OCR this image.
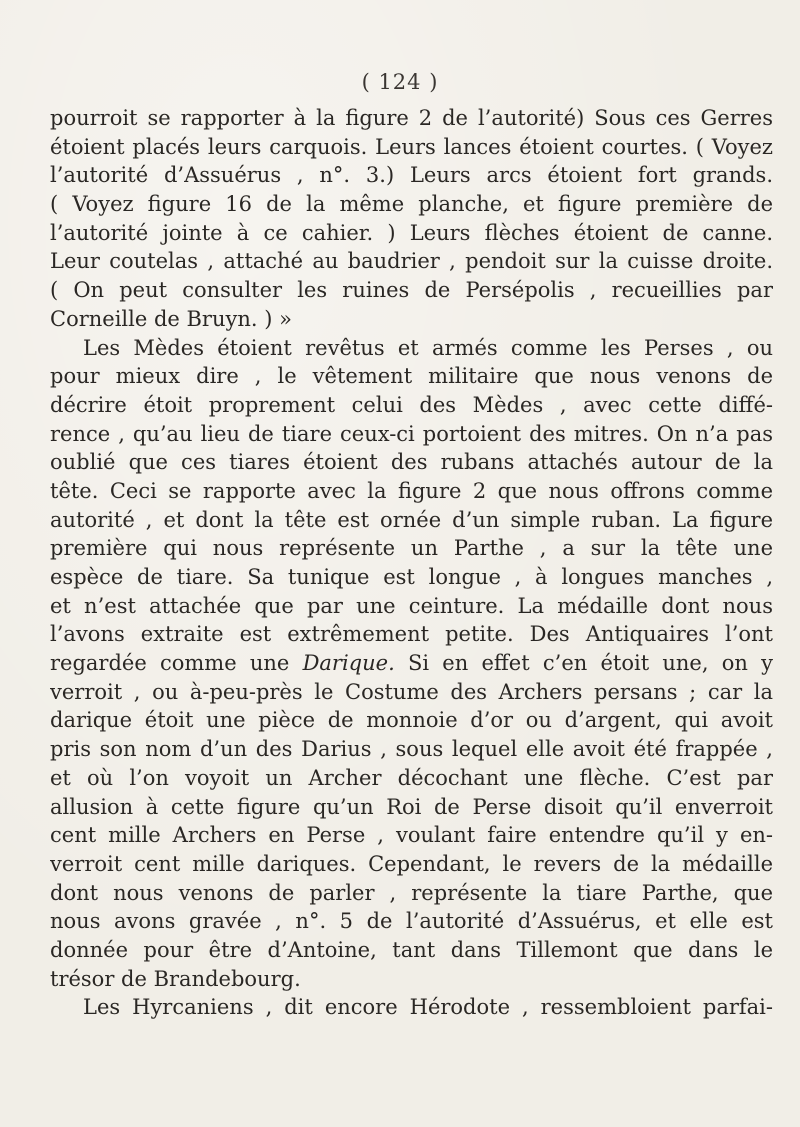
( 124 )
pourroit se rapporter à la figure 2 de l’autorité) Sous ces Gerres
étoient placés leurs carquois. Leurs lances étoient courtes. ( Voyez
l’autorité d’Assuérus , n°. 3.) Leurs arcs étoient fort grands.
( Voyez figure 16 de la même planche, et figure première de
l’autorité jointe à ce cahier. ) Leurs flèches étoient de canne.
Leur coutelas , attaché au baudrier , pendoit sur la cuisse droite.
( On peut consulter les ruines de Persépolis , recueillies par
Corneille de Bruyn. ) »
Les Mèdes étoient revêtus et armés comme les Perses , ou
pour mieux dire , le vêtement militaire que nous venons de
décrire étoit proprement celui des Mèdes , avec cette diffé-
rence , qu’au lieu de tiare ceux-ci portoient des mitres. On n’a pas
oublié que ces tiares étoient des rubans attachés autour de la
tête. Ceci se rapporte avec la figure 2 que nous offrons comme
autorité , et dont la tête est ornée d’un simple ruban. La figure
première qui nous représente un Parthe , a sur la tête une
espèce de tiare. Sa tunique est longue , à longues manches ,
et n’est attachée que par une ceinture. La médaille dont nous
l’avons extraite est extrêmement petite. Des Antiquaires l’ont
regardée comme une Darique. Si en effet c’en étoit une, on y
verroit , ou à-peu-près le Costume des Archers persans ; car la
darique étoit une pièce de monnoie d’or ou d’argent, qui avoit
pris son nom d’un des Darius , sous lequel elle avoit été frappée ,
et où l’on voyoit un Archer décochant une flèche. C’est par
allusion à cette figure qu’un Roi de Perse disoit qu’il enverroit
cent mille Archers en Perse , voulant faire entendre qu’il y en-
verroit cent mille dariques. Cependant, le revers de la médaille
dont nous venons de parler , représente la tiare Parthe, que
nous avons gravée , n°. 5 de l’autorité d’Assuérus, et elle est
donnée pour être d’Antoine, tant dans Tillemont que dans le
trésor de Brandebourg.
Les Hyrcaniens , dit encore Hérodote , ressembloient parfai-
